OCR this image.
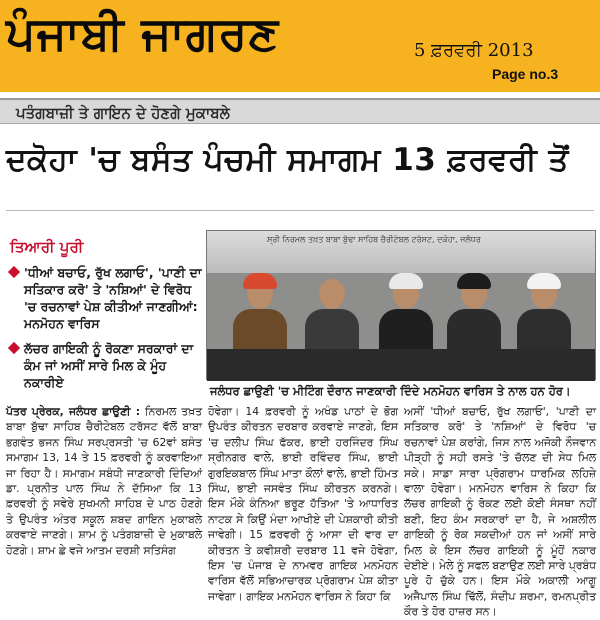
ਪੰਜਾਬੀ ਜਾਗਰਣ	5 ਫ਼ਰਵਰੀ 2013
Page no.3
ਪਤੰਗਬਾਜ਼ੀ ਤੇ ਗਾਇਨ ਦੇ ਹੋਣਗੇ ਮੁਕਾਬਲੇ
ਦਕੋਹਾ 'ਚ ਬਸੰਤ ਪੰਚਮੀ ਸਮਾਗਮ 13 ਫ਼ਰਵਰੀ ਤੋਂ
ਤਿਆਰੀ ਪੂਰੀ
'ਧੀਆਂ ਬਚਾਓ, ਰੁੱਖ ਲਗਾਓ', 'ਪਾਣੀ ਦਾ ਸਤਿਕਾਰ ਕਰੋ' ਤੇ 'ਨਸ਼ਿਆਂ' ਦੇ ਵਿਰੋਧ 'ਚ ਰਚਨਾਵਾਂ ਪੇਸ਼ ਕੀਤੀਆਂ ਜਾਣਗੀਆਂ: ਮਨਮੋਹਨ ਵਾਰਿਸ
ਲੱਚਰ ਗਾਇਕੀ ਨੂੰ ਰੋਕਣਾ ਸਰਕਾਰਾਂ ਦਾ ਕੰਮ ਜਾਂ ਅਸੀਂ ਸਾਰੇ ਮਿਲ ਕੇ ਮੂੰਹ ਨਕਾਰੀਏ
ਸ੍ਰੀ ਨਿਰਮਲ ਤਖ਼ਤ ਬਾਬਾ ਬੁੱਢਾ ਸਾਹਿਬ ਚੈਰੀਟੇਬਲ ਟਰੱਸਟ, ਦਕੋਹਾ, ਜਲੰਧਰ
ਜਲੰਧਰ ਛਾਉਣੀ 'ਚ ਮੀਟਿੰਗ ਦੌਰਾਨ ਜਾਣਕਾਰੀ ਦਿੰਦੇ ਮਨਮੋਹਨ ਵਾਰਿਸ ਤੇ ਨਾਲ ਹਨ ਹੋਰ।
ਪੱਤਰ ਪ੍ਰੇਰਕ, ਜਲੰਧਰ ਛਾਉਣੀ : ਨਿਰਮਲ ਤਖ਼ਤ ਬਾਬਾ ਬੁੱਢਾ ਸਾਹਿਬ ਚੈਰੀਟੇਬਲ ਟਰੱਸਟ ਵੱਲੋਂ ਬਾਬਾ ਭਗਵੰਤ ਭਜਨ ਸਿੰਘ ਸਰਪ੍ਰਸਤੀ 'ਚ 62ਵਾਂ ਬਸੰਤ ਸਮਾਗਮ 13, 14 ਤੇ 15 ਫ਼ਰਵਰੀ ਨੂੰ ਕਰਵਾਇਆ ਜਾ ਰਿਹਾ ਹੈ। ਸਮਾਗਮ ਸਬੰਧੀ ਜਾਣਕਾਰੀ ਦਿੰਦਿਆਂ ਡਾ. ਪ੍ਰਨੀਤ ਪਾਲ ਸਿੰਘ ਨੇ ਦੱਸਿਆ ਕਿ 13 ਫ਼ਰਵਰੀ ਨੂੰ ਸਵੇਰੇ ਸੁਖਮਨੀ ਸਾਹਿਬ ਦੇ ਪਾਠ ਹੋਣਗੇ ਤੇ ਉਪਰੰਤ ਅੰਤਰ ਸਕੂਲ ਸ਼ਬਦ ਗਾਇਨ ਮੁਕਾਬਲੇ ਕਰਵਾਏ ਜਾਣਗੇ। ਸ਼ਾਮ ਨੂੰ ਪਤੰਗਬਾਜ਼ੀ ਦੇ ਮੁਕਾਬਲੇ ਹੋਣਗੇ। ਸ਼ਾਮ ਛੇ ਵਜੇ ਆਤਮ ਦਰਸ਼ੀ ਸਤਿਸੰਗ
ਹੋਵੇਗਾ। 14 ਫ਼ਰਵਰੀ ਨੂੰ ਅਖੰਡ ਪਾਠਾਂ ਦੇ ਭੋਗ ਉਪਰੰਤ ਕੀਰਤਨ ਦਰਬਾਰ ਕਰਵਾਏ ਜਾਣਗੇ, ਇਸ 'ਚ ਦਲੀਪ ਸਿੰਘ ਫੱਕਰ, ਭਾਈ ਹਰਜਿੰਦਰ ਸਿੰਘ ਸ੍ਰੀਨਗਰ ਵਾਲੇ, ਭਾਈ ਰਵਿੰਦਰ ਸਿੰਘ, ਭਾਈ ਗੁਰਇਕਬਾਲ ਸਿੰਘ ਮਾਤਾ ਕੌਲਾਂ ਵਾਲੇ, ਭਾਈ ਹਿੰਮਤ ਸਿੰਘ, ਭਾਈ ਜਸਵੰਤ ਸਿੰਘ ਕੀਰਤਨ ਕਰਨਗੇ। ਇਸ ਮੌਕੇ ਕੰਨਿਆ ਭਰੂਣ ਹੱਤਿਆ 'ਤੇ ਆਧਾਰਿਤ ਨਾਟਕ ਸੇ ਕਿਉਂ ਮੰਦਾ ਆਖੀਏ ਦੀ ਪੇਸ਼ਕਾਰੀ ਕੀਤੀ ਜਾਵੇਗੀ। 15 ਫ਼ਰਵਰੀ ਨੂੰ ਆਸਾ ਦੀ ਵਾਰ ਦਾ ਕੀਰਤਨ ਤੇ ਕਵੀਸ਼ਰੀ ਦਰਬਾਰ 11 ਵਜੇ ਹੋਵੇਗਾ, ਇਸ 'ਚ ਪੰਜਾਬ ਦੇ ਨਾਮਵਰ ਗਾਇਕ ਮਨਮੋਹਨ ਵਾਰਿਸ ਵੱਲੋਂ ਸਭਿਆਚਾਰਕ ਪ੍ਰੋਗਰਾਮ ਪੇਸ਼ ਕੀਤਾ ਜਾਵੇਗਾ। ਗਾਇਕ ਮਨਮੋਹਨ ਵਾਰਿਸ ਨੇ ਕਿਹਾ ਕਿ
ਅਸੀਂ 'ਧੀਆਂ ਬਚਾਓ, ਰੁੱਖ ਲਗਾਓ', 'ਪਾਣੀ ਦਾ ਸਤਿਕਾਰ ਕਰੋ' ਤੇ 'ਨਸ਼ਿਆਂ' ਦੇ ਵਿਰੋਧ 'ਚ ਰਚਨਾਵਾਂ ਪੇਸ਼ ਕਰਾਂਗੇ, ਜਿਸ ਨਾਲ ਅਜੋਕੀ ਨੌਜਵਾਨ ਪੀੜ੍ਹੀ ਨੂੰ ਸਹੀ ਰਸਤੇ 'ਤੇ ਚੱਲਣ ਦੀ ਸੇਧ ਮਿਲ ਸਕੇ। ਸਾਡਾ ਸਾਰਾ ਪ੍ਰੋਗਰਾਮ ਧਾਰਮਿਕ ਲਹਿਜ਼ੇ ਵਾਲਾ ਹੋਵੇਗਾ। ਮਨਮੋਹਨ ਵਾਰਿਸ ਨੇ ਕਿਹਾ ਕਿ ਲੱਚਰ ਗਾਇਕੀ ਨੂੰ ਰੋਕਣ ਲਈ ਕੋਈ ਸੰਸਥਾ ਨਹੀਂ ਬਣੀ, ਇਹ ਕੰਮ ਸਰਕਾਰਾਂ ਦਾ ਹੈ, ਜੇ ਅਸ਼ਲੀਲ ਗਾਇਕੀ ਨੂੰ ਰੋਕ ਸਕਦੀਆਂ ਹਨ ਜਾਂ ਅਸੀਂ ਸਾਰੇ ਮਿਲ ਕੇ ਇਸ ਲੱਚਰ ਗਾਇਕੀ ਨੂੰ ਮੂੰਹੋਂ ਨਕਾਰ ਦੇਈਏ। ਮੇਲੇ ਨੂੰ ਸਫਲ ਬਣਾਉਣ ਲਈ ਸਾਰੇ ਪ੍ਰਬੰਧ ਪੂਰੇ ਹੋ ਚੁੱਕੇ ਹਨ। ਇਸ ਮੌਕੇ ਅਕਾਲੀ ਆਗੂ ਅਜੈਪਾਲ ਸਿੰਘ ਢਿੱਲੋਂ, ਸੰਦੀਪ ਸ਼ਰਮਾ, ਰਮਨਪ੍ਰੀਤ ਕੌਰ ਤੇ ਹੋਰ ਹਾਜ਼ਰ ਸਨ।
